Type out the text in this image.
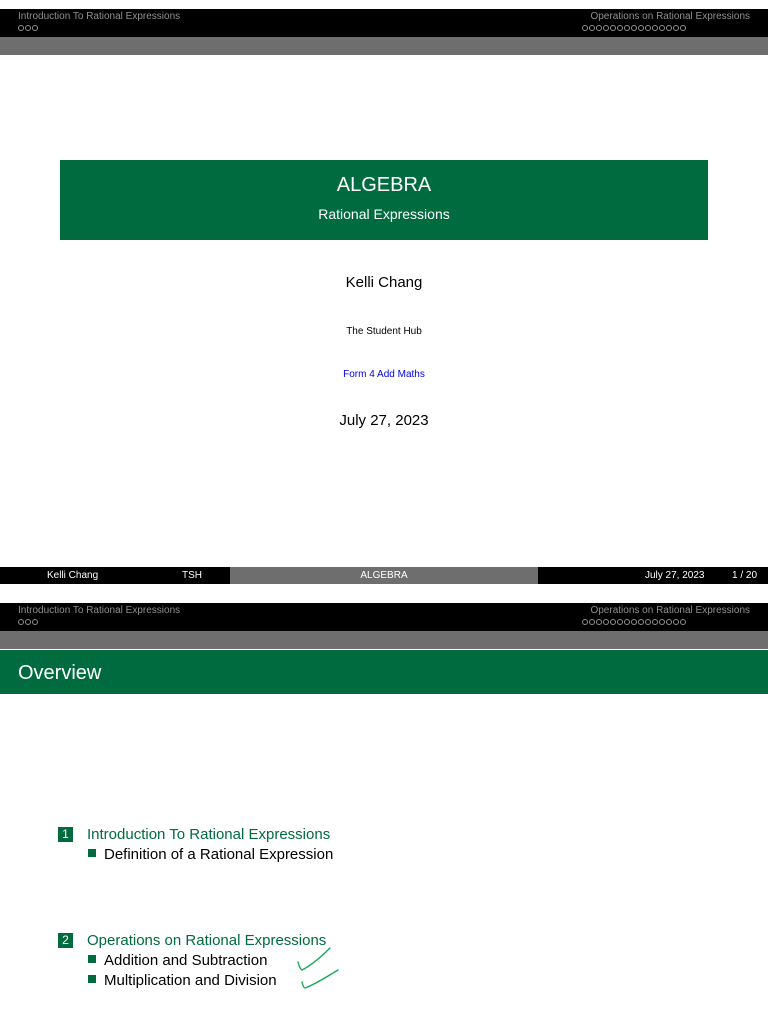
Introduction To Rational Expressions	Operations on Rational Expressions
ALGEBRA
Rational Expressions
Kelli Chang
The Student Hub
Form 4 Add Maths
July 27, 2023
Kelli Chang	TSH	ALGEBRA	July 27, 2023	1 / 20
Introduction To Rational Expressions	Operations on Rational Expressions
Overview
1 Introduction To Rational Expressions
Definition of a Rational Expression
2 Operations on Rational Expressions
Addition and Subtraction
Multiplication and Division
